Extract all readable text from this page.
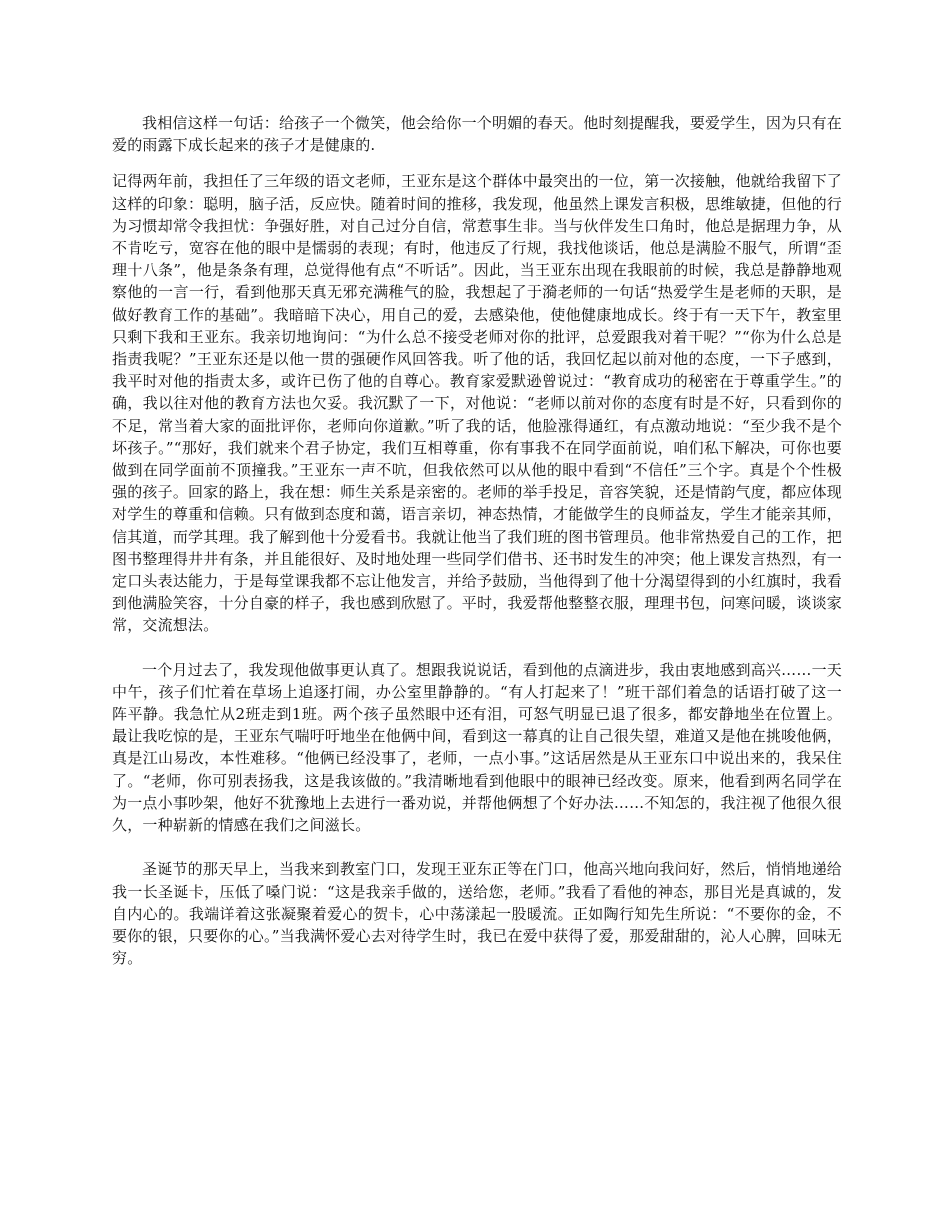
我相信这样一句话：给孩子一个微笑，他会给你一个明媚的春天。他时刻提醒我，要爱学生，因为只有在爱的雨露下成长起来的孩子才是健康的.

记得两年前，我担任了三年级的语文老师，王亚东是这个群体中最突出的一位，第一次接触，他就给我留下了这样的印象：聪明，脑子活，反应快。随着时间的推移，我发现，他虽然上课发言积极，思维敏捷，但他的行为习惯却常令我担忧：争强好胜，对自己过分自信，常惹事生非。当与伙伴发生口角时，他总是据理力争，从不肯吃亏，宽容在他的眼中是懦弱的表现；有时，他违反了行规，我找他谈话，他总是满脸不服气，所谓“歪理十八条”，他是条条有理，总觉得他有点“不听话”。因此，当王亚东出现在我眼前的时候，我总是静静地观察他的一言一行，看到他那天真无邪充满稚气的脸，我想起了于漪老师的一句话“热爱学生是老师的天职，是做好教育工作的基础”。我暗暗下决心，用自己的爱，去感染他，使他健康地成长。终于有一天下午，教室里只剩下我和王亚东。我亲切地询问：“为什么总不接受老师对你的批评，总爱跟我对着干呢？”“你为什么总是指责我呢？”王亚东还是以他一贯的强硬作风回答我。听了他的话，我回忆起以前对他的态度，一下子感到，我平时对他的指责太多，或许已伤了他的自尊心。教育家爱默逊曾说过：“教育成功的秘密在于尊重学生。”的确，我以往对他的教育方法也欠妥。我沉默了一下，对他说：“老师以前对你的态度有时是不好，只看到你的不足，常当着大家的面批评你，老师向你道歉。”听了我的话，他脸涨得通红，有点激动地说：“至少我不是个坏孩子。”“那好，我们就来个君子协定，我们互相尊重，你有事我不在同学面前说，咱们私下解决，可你也要做到在同学面前不顶撞我。”王亚东一声不吭，但我依然可以从他的眼中看到“不信任”三个字。真是个个性极强的孩子。回家的路上，我在想：师生关系是亲密的。老师的举手投足，音容笑貌，还是情韵气度，都应体现对学生的尊重和信赖。只有做到态度和蔼，语言亲切，神态热情，才能做学生的良师益友，学生才能亲其师，信其道，而学其理。我了解到他十分爱看书。我就让他当了我们班的图书管理员。他非常热爱自己的工作，把图书整理得井井有条，并且能很好、及时地处理一些同学们借书、还书时发生的冲突；他上课发言热烈，有一定口头表达能力，于是每堂课我都不忘让他发言，并给予鼓励，当他得到了他十分渴望得到的小红旗时，我看到他满脸笑容，十分自豪的样子，我也感到欣慰了。平时，我爱帮他整整衣服，理理书包，问寒问暖，谈谈家常，交流想法。

一个月过去了，我发现他做事更认真了。想跟我说说话，看到他的点滴进步，我由衷地感到高兴……一天中午，孩子们忙着在草场上追逐打闹，办公室里静静的。“有人打起来了！”班干部们着急的话语打破了这一阵平静。我急忙从2班走到1班。两个孩子虽然眼中还有泪，可怒气明显已退了很多，都安静地坐在位置上。最让我吃惊的是，王亚东气喘吁吁地坐在他俩中间，看到这一幕真的让自己很失望，难道又是他在挑唆他俩，真是江山易改，本性难移。“他俩已经没事了，老师，一点小事。”这话居然是从王亚东口中说出来的，我呆住了。“老师，你可别表扬我，这是我该做的。”我清晰地看到他眼中的眼神已经改变。原来，他看到两名同学在为一点小事吵架，他好不犹豫地上去进行一番劝说，并帮他俩想了个好办法……不知怎的，我注视了他很久很久，一种崭新的情感在我们之间滋长。

圣诞节的那天早上，当我来到教室门口，发现王亚东正等在门口，他高兴地向我问好，然后，悄悄地递给我一长圣诞卡，压低了嗓门说：“这是我亲手做的，送给您，老师。”我看了看他的神态，那目光是真诚的，发自内心的。我端详着这张凝聚着爱心的贺卡，心中荡漾起一股暖流。正如陶行知先生所说：“不要你的金，不要你的银，只要你的心。”当我满怀爱心去对待学生时，我已在爱中获得了爱，那爱甜甜的，沁人心脾，回味无穷。
